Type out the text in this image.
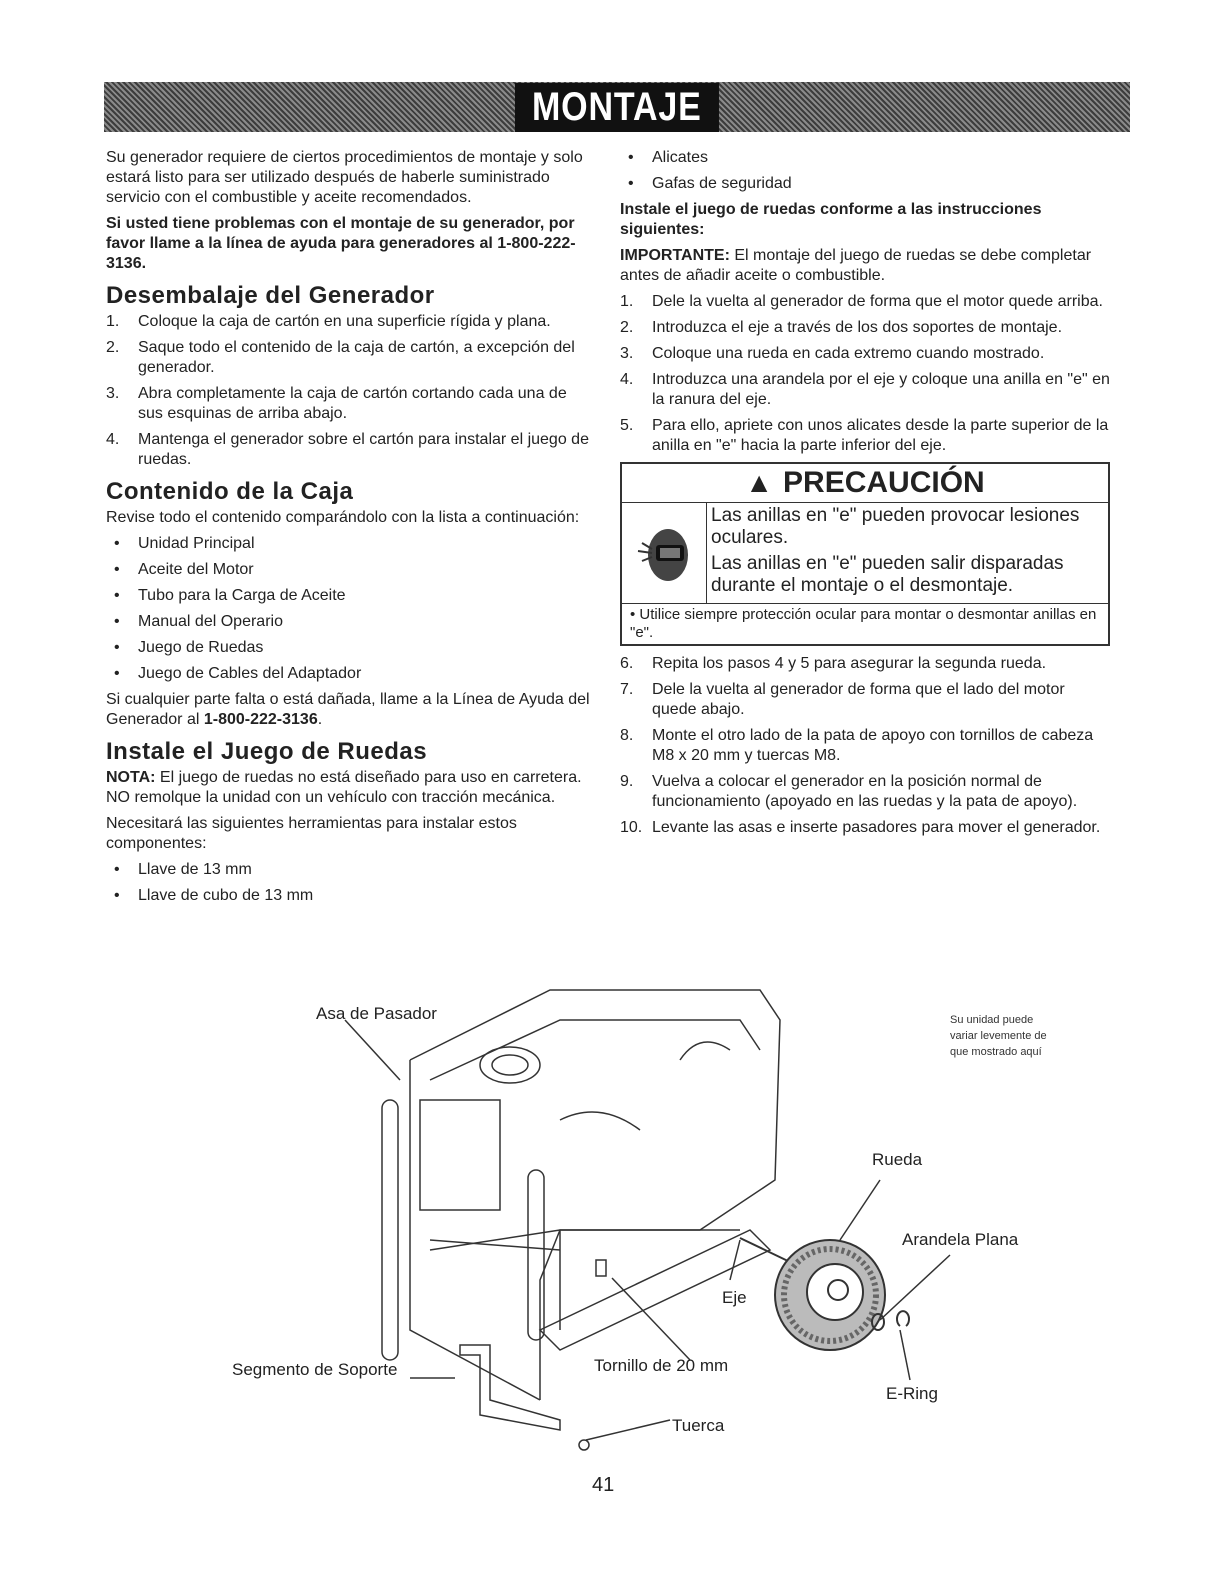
MONTAJE

Su generador requiere de ciertos procedimientos de montaje y solo estará listo para ser utilizado después de haberle suministrado servicio con el combustible y aceite recomendados.

Si usted tiene problemas con el montaje de su generador, por favor llame a la línea de ayuda para generadores al 1-800-222-3136.

Desembalaje del Generador
1. Coloque la caja de cartón en una superficie rígida y plana.
2. Saque todo el contenido de la caja de cartón, a excepción del generador.
3. Abra completamente la caja de cartón cortando cada una de sus esquinas de arriba abajo.
4. Mantenga el generador sobre el cartón para instalar el juego de ruedas.
Contenido de la Caja

Revise todo el contenido comparándolo con la lista a continuación:

• Unidad Principal
• Aceite del Motor
• Tubo para la Carga de Aceite
• Manual del Operario
• Juego de Ruedas
• Juego de Cables del Adaptador

Si cualquier parte falta o está dañada, llame a la Línea de Ayuda del Generador al 1-800-222-3136.

Instale el Juego de Ruedas

NOTA: El juego de ruedas no está diseñado para uso en carretera. NO remolque la unidad con un vehículo con tracción mecánica.

Necesitará las siguientes herramientas para instalar estos componentes:

• Llave de 13 mm
• Llave de cubo de 13 mm
• Alicates
• Gafas de seguridad

Instale el juego de ruedas conforme a las instrucciones siguientes:

IMPORTANTE: El montaje del juego de ruedas se debe completar antes de añadir aceite o combustible.

1. Dele la vuelta al generador de forma que el motor quede arriba.
2. Introduzca el eje a través de los dos soportes de montaje.
3. Coloque una rueda en cada extremo cuando mostrado.
4. Introduzca una arandela por el eje y coloque una anilla en "e" en la ranura del eje.
5. Para ello, apriete con unos alicates desde la parte superior de la anilla en "e" hacia la parte inferior del eje.
▲ PRECAUCIÓN

Las anillas en "e" pueden provocar lesiones oculares.

Las anillas en "e" pueden salir disparadas durante el montaje o el desmontaje.

• Utilice siempre protección ocular para montar o desmontar anillas en "e".
6. Repita los pasos 4 y 5 para asegurar la segunda rueda.
7. Dele la vuelta al generador de forma que el lado del motor quede abajo.
8. Monte el otro lado de la pata de apoyo con tornillos de cabeza M8 x 20 mm y tuercas M8.
9. Vuelva a colocar el generador en la posición normal de funcionamiento (apoyado en las ruedas y la pata de apoyo).
10. Levante las asas e inserte pasadores para mover el generador.
Asa de Pasador	Su unidad puede variar levemente de que mostrado aquí
Rueda
Arandela Plana
Eje
Segmento de Soporte	Tornillo de 20 mm
E-Ring
Tuerca
41
